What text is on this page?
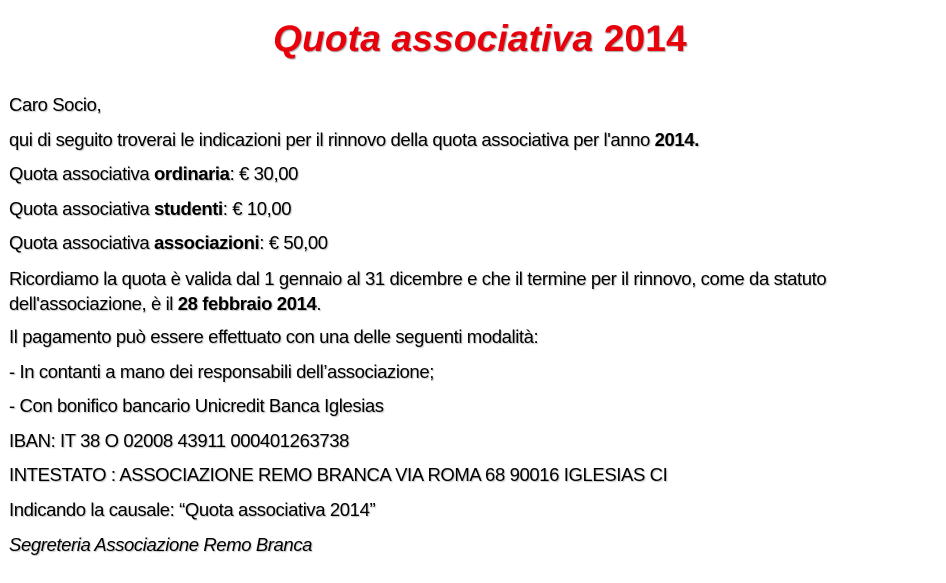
Quota associativa 2014
Caro Socio,
qui di seguito troverai le indicazioni per il rinnovo della quota associativa per l'anno 2014.
Quota associativa ordinaria: € 30,00
Quota associativa studenti: € 10,00
Quota associativa associazioni: € 50,00
Ricordiamo la quota è valida dal 1 gennaio al 31 dicembre e che il termine per il rinnovo, come da statuto dell'associazione, è il 28 febbraio 2014.
Il pagamento può essere effettuato con una delle seguenti modalità:
- In contanti a mano dei responsabili dell’associazione;
- Con bonifico bancario Unicredit Banca Iglesias
IBAN: IT 38 O 02008 43911 000401263738
INTESTATO : ASSOCIAZIONE REMO BRANCA VIA ROMA 68 90016 IGLESIAS CI
Indicando la causale: “Quota associativa 2014”
Segreteria Associazione Remo Branca
